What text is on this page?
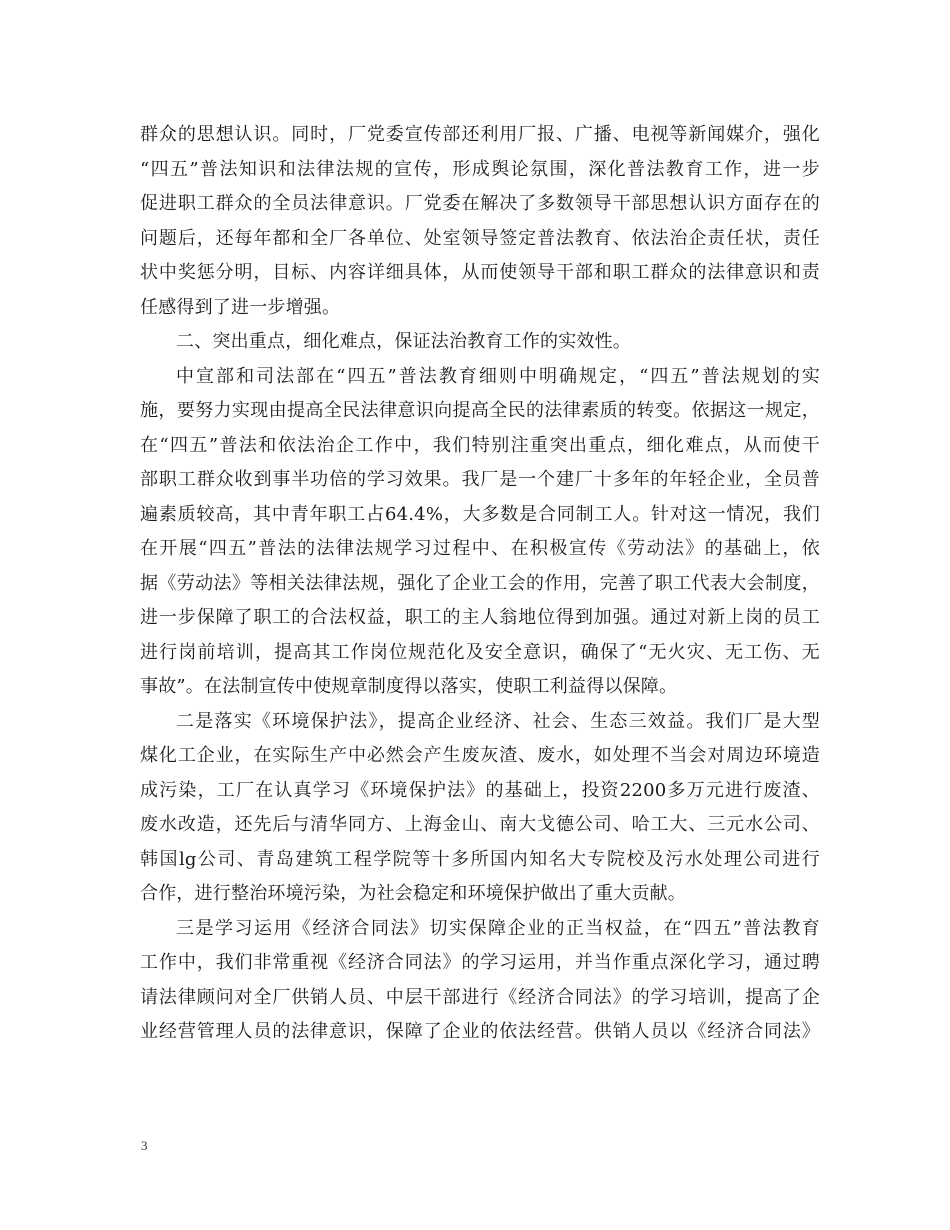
群众的思想认识。同时，厂党委宣传部还利用厂报、广播、电视等新闻媒介，强化
“四五”普法知识和法律法规的宣传，形成舆论氛围，深化普法教育工作，进一步
促进职工群众的全员法律意识。厂党委在解决了多数领导干部思想认识方面存在的
问题后，还每年都和全厂各单位、处室领导签定普法教育、依法治企责任状，责任
状中奖惩分明，目标、内容详细具体，从而使领导干部和职工群众的法律意识和责
任感得到了进一步增强。
二、突出重点，细化难点，保证法治教育工作的实效性。
中宣部和司法部在“四五”普法教育细则中明确规定，“四五”普法规划的实
施，要努力实现由提高全民法律意识向提高全民的法律素质的转变。依据这一规定，
在“四五”普法和依法治企工作中，我们特别注重突出重点，细化难点，从而使干
部职工群众收到事半功倍的学习效果。我厂是一个建厂十多年的年轻企业，全员普
遍素质较高，其中青年职工占64.4%，大多数是合同制工人。针对这一情况，我们
在开展“四五”普法的法律法规学习过程中、在积极宣传《劳动法》的基础上，依
据《劳动法》等相关法律法规，强化了企业工会的作用，完善了职工代表大会制度，
进一步保障了职工的合法权益，职工的主人翁地位得到加强。通过对新上岗的员工
进行岗前培训，提高其工作岗位规范化及安全意识，确保了“无火灾、无工伤、无
事故”。在法制宣传中使规章制度得以落实，使职工利益得以保障。
二是落实《环境保护法》，提高企业经济、社会、生态三效益。我们厂是大型
煤化工企业，在实际生产中必然会产生废灰渣、废水，如处理不当会对周边环境造
成污染，工厂在认真学习《环境保护法》的基础上，投资2200多万元进行废渣、
废水改造，还先后与清华同方、上海金山、南大戈德公司、哈工大、三元水公司、
韩国lg公司、青岛建筑工程学院等十多所国内知名大专院校及污水处理公司进行
合作，进行整治环境污染，为社会稳定和环境保护做出了重大贡献。
三是学习运用《经济合同法》切实保障企业的正当权益，在“四五”普法教育
工作中，我们非常重视《经济合同法》的学习运用，并当作重点深化学习，通过聘
请法律顾问对全厂供销人员、中层干部进行《经济合同法》的学习培训，提高了企
业经营管理人员的法律意识，保障了企业的依法经营。供销人员以《经济合同法》
3
